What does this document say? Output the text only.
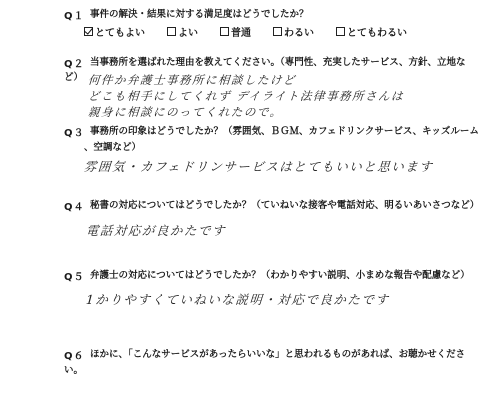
Q１ 事件の解決・結果に対する満足度はどうでしたか？
とてもよい	よい	普通	わるい	とてもわるい
Q２ 当事務所を選ばれた理由を教えてください。（専門性、充実したサービス、方針、立地な
ど） 何件か弁護士事務所に相談したけど
どこも相手にしてくれず デイライト法律事務所さんは
親身に相談にのってくれたので。
Q３ 事務所の印象はどうでしたか？（雰囲気、ＢＧＭ、カフェドリンクサービス、キッズルーム
、空調など）
雰囲気・カフェドリンサービスはとてもいいと思います
Q４ 秘書の対応についてはどうでしたか？（ていねいな接客や電話対応、明るいあいさつなど）
電話対応が良かたです
Q５ 弁護士の対応についてはどうでしたか？（わかりやすい説明、小まめな報告や配慮など）
1かりやすくていねいな説明・対応で良かたです
Q６ ほかに、「こんなサービスがあったらいいな」と思われるものがあれば、お聴かせくださ
い。
